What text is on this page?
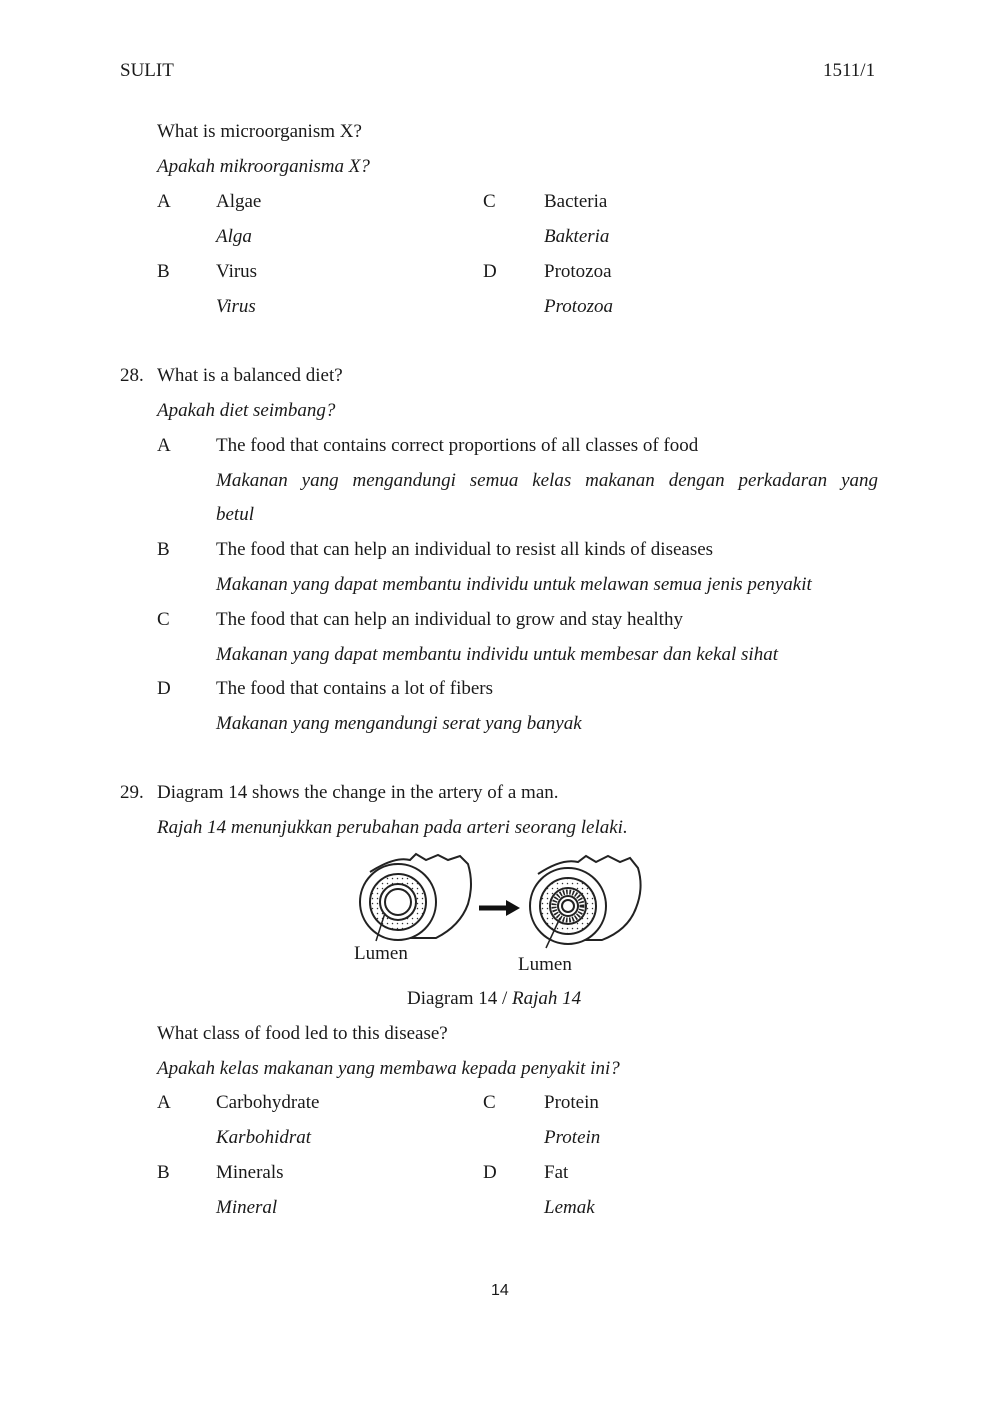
SULIT	1511/1
What is microorganism X?
Apakah mikroorganisma X?
A Algae
Alga
B Virus
Virus
C	Bacteria
Bakteria
D Protozoa
Protozoa
28. What is a balanced diet?
Apakah diet seimbang?
A The food that contains correct proportions of all classes of food
Makanan yang mengandungi semua kelas makanan dengan perkadaran yang
betul
B The food that can help an individual to resist all kinds of diseases
Makanan yang dapat membantu individu untuk melawan semua jenis penyakit
C The food that can help an individual to grow and stay healthy
Makanan yang dapat membantu individu untuk membesar dan kekal sihat
D The food that contains a lot of fibers
Makanan yang mengandungi serat yang banyak
29. Diagram 14 shows the change in the artery of a man.
Rajah 14 menunjukkan perubahan pada arteri seorang lelaki.
Lumen
Lumen
Diagram 14 / Rajah 14
What class of food led to this disease?
Apakah kelas makanan yang membawa kepada penyakit ini?
A Carbohydrate
Karbohidrat
B Minerals
Mineral
C	Protein
Protein
D Fat
Lemak
14
